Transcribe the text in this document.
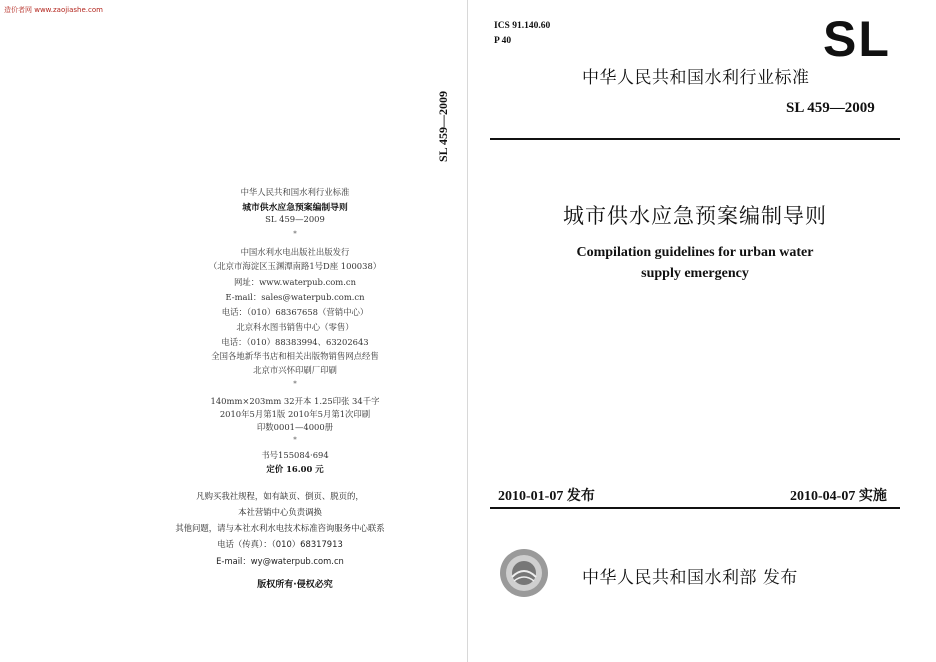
造价者网 www.zaojiashe.com
SL 459—2009
中华人民共和国水利行业标准
城市供水应急预案编制导则
SL 459—2009
*
中国水利水电出版社出版发行
（北京市海淀区玉渊潭南路1号D座 100038）
网址：www.waterpub.com.cn
E-mail：sales@waterpub.com.cn
电话：（010）68367658（营销中心）
北京科水图书销售中心（零售）
电话：（010）88383994、63202643
全国各地新华书店和相关出版物销售网点经售
北京市兴怀印刷厂印刷
*
140mm×203mm 32开本 1.25印张 34千字
2010年5月第1版 2010年5月第1次印刷
印数0001—4000册
*
书号155084·694
定价 16.00 元
凡购买我社规程，如有缺页、倒页、脱页的，
本社营销中心负责调换
其他问题，请与本社水利水电技术标准咨询服务中心联系
电话（传真）：（010）68317913
E-mail：wy@waterpub.com.cn
版权所有·侵权必究
ICS 91.140.60
P 40	SL
中华人民共和国水利行业标准
SL 459—2009
城市供水应急预案编制导则
Compilation guidelines for urban water
supply emergency
2010-01-07 发布	2010-04-07 实施
中华人民共和国水利部 发布
